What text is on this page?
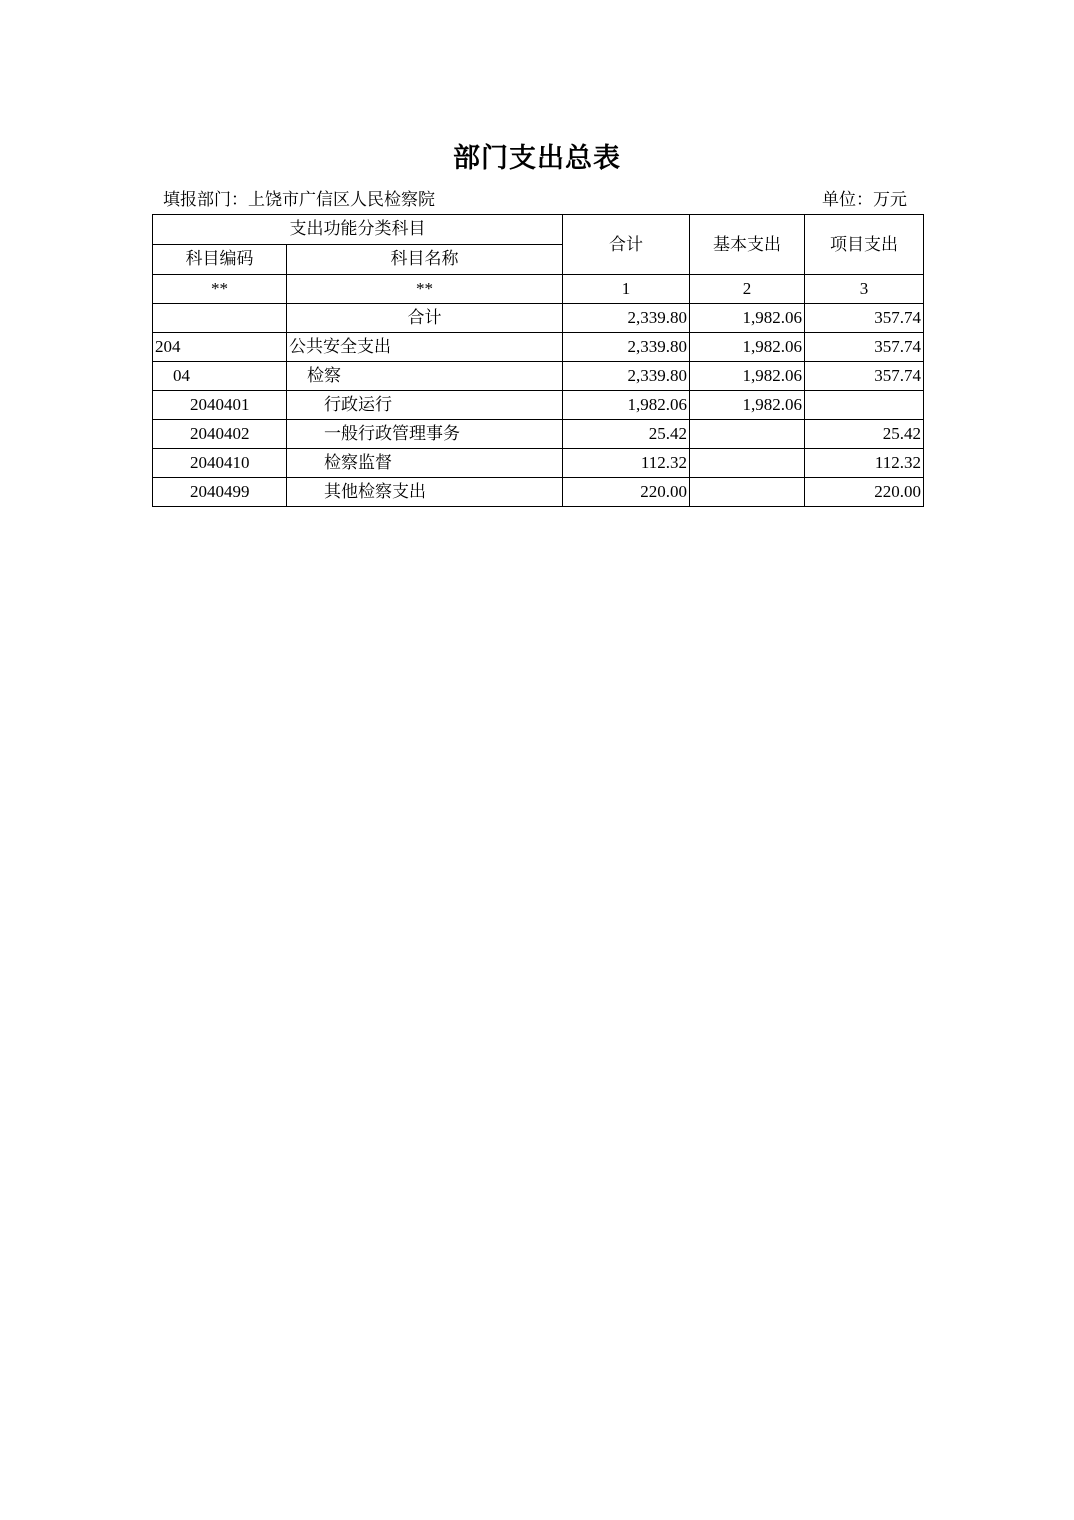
部门支出总表
填报部门：上饶市广信区人民检察院	单位：万元
支出功能分类科目		合计	基本支出	项目支出
科目编码	科目名称			
**	**	1	2	3
	合计	2,339.80	1,982.06	357.74
204	公共安全支出	2,339.80	1,982.06	357.74
04	检察	2,339.80	1,982.06	357.74
2040401	行政运行	1,982.06	1,982.06	
2040402	一般行政管理事务	25.42		25.42
2040410	检察监督	112.32		112.32
2040499	其他检察支出	220.00		220.00
